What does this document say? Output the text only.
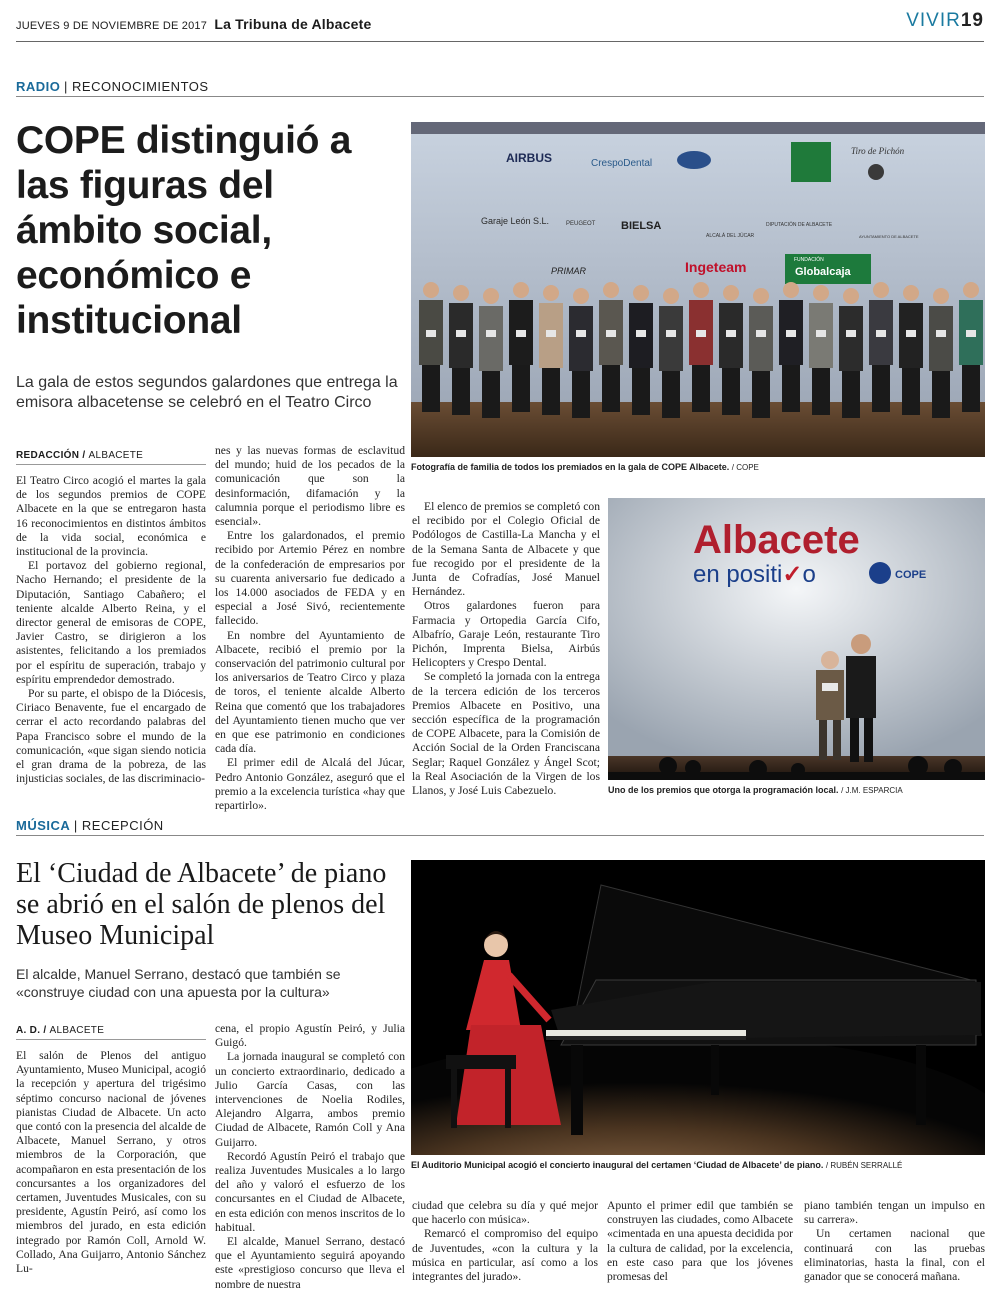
JUEVES 9 DE NOVIEMBRE DE 2017 La Tribuna de Albacete	VIVIR19
RADIO | RECONOCIMIENTOS
COPE distinguió a las figuras del ámbito social, económico e institucional
La gala de estos segundos galardones que entrega la emisora albacetense se celebró en el Teatro Circo
REDACCIÓN / ALBACETE

El Teatro Circo acogió el martes la gala de los segundos premios de COPE Albacete en la que se entregaron hasta 16 reconocimientos en distintos ámbitos de la vida social, económica e institucional de la provincia.

El portavoz del gobierno regional, Nacho Hernando; el presidente de la Diputación, Santiago Cabañero; el teniente alcalde Alberto Reina, y el director general de emisoras de COPE, Javier Castro, se dirigieron a los asistentes, felicitando a los premiados por el espíritu de superación, trabajo y espíritu emprendedor demostrado.

Por su parte, el obispo de la Diócesis, Ciriaco Benavente, fue el encargado de cerrar el acto recordando palabras del Papa Francisco sobre el mundo de la comunicación, «que sigan siendo noticia el gran drama de la pobreza, de las injusticias sociales, de las discriminacio-

nes y las nuevas formas de esclavitud del mundo; huid de los pecados de la comunicación que son la desinformación, difamación y la calumnia porque el periodismo libre es esencial».

Entre los galardonados, el premio recibido por Artemio Pérez en nombre de la confederación de empresarios por su cuarenta aniversario fue dedicado a los 14.000 asociados de FEDA y en especial a José Sivó, recientemente fallecido.

En nombre del Ayuntamiento de Albacete, recibió el premio por la conservación del patrimonio cultural por los aniversarios de Teatro Circo y plaza de toros, el teniente alcalde Alberto Reina que comentó que los trabajadores del Ayuntamiento tienen mucho que ver en que ese patrimonio en condiciones cada día.

El primer edil de Alcalá del Júcar, Pedro Antonio González, aseguró que el premio a la excelencia turística «hay que repartirlo».

El elenco de premios se completó con el recibido por el Colegio Oficial de Podólogos de Castilla-La Mancha y el de la Semana Santa de Albacete y que fue recogido por el presidente de la Junta de Cofradías, José Manuel Hernández.

Otros galardones fueron para Farmacia y Ortopedia García Cifo, Albafrío, Garaje León, restaurante Tiro Pichón, Imprenta Bielsa, Airbús Helicopters y Crespo Dental.

Se completó la jornada con la entrega de la tercera edición de los terceros Premios Albacete en Positivo, una sección específica de la programación de COPE Albacete, para la Comisión de Acción Social de la Orden Franciscana Seglar; Raquel González y Ángel Scot; la Real Asociación de la Virgen de los Llanos, y José Luis Cabezuelo.

AIRBUS	CrespoDental
Tiro de Pichón
Garaje León S.L.	PEUGEOT BIELSA	DIPUTACIÓN DE ALBACETE
ALCALÁ DEL JÚCAR	AYUNTAMIENTO DE ALBACETE
PRIMAR	Ingeteam	FUNDACIÓN
Globalcaja
Fotografía de familia de todos los premiados en la gala de COPE Albacete. / COPE
Albacete
en positi✓o	COPE
Uno de los premios que otorga la programación local. / J.M. ESPARCIA
MÚSICA | RECEPCIÓN
El ‘Ciudad de Albacete’ de piano se abrió en el salón de plenos del Museo Municipal
El alcalde, Manuel Serrano, destacó que también se «construye ciudad con una apuesta por la cultura»
A. D. / ALBACETE

El salón de Plenos del antiguo Ayuntamiento, Museo Municipal, acogió la recepción y apertura del trigésimo séptimo concurso nacional de jóvenes pianistas Ciudad de Albacete. Un acto que contó con la presencia del alcalde de Albacete, Manuel Serrano, y otros miembros de la Corporación, que acompañaron en esta presentación de los concursantes a los organizadores del certamen, Juventudes Musicales, con su presidente, Agustín Peiró, así como los miembros del jurado, en esta edición integrado por Ramón Coll, Arnold W. Collado, Ana Guijarro, Antonio Sánchez Lu-

cena, el propio Agustín Peiró, y Julia Guigó.

La jornada inaugural se completó con un concierto extraordinario, dedicado a Julio García Casas, con las intervenciones de Noelia Rodiles, Alejandro Algarra, ambos premio Ciudad de Albacete, Ramón Coll y Ana Guijarro.

Recordó Agustín Peiró el trabajo que realiza Juventudes Musicales a lo largo del año y valoró el esfuerzo de los concursantes en el Ciudad de Albacete, en esta edición con menos inscritos de lo habitual.

El alcalde, Manuel Serrano, destacó que el Ayuntamiento seguirá apoyando este «prestigioso concurso que lleva el nombre de nuestra

ciudad que celebra su día y qué mejor que hacerlo con música».

Remarcó el compromiso del equipo de Juventudes, «con la cultura y la música en particular, así como a los integrantes del jurado».

Apunto el primer edil que también se construyen las ciudades, como Albacete «cimentada en una apuesta decidida por la cultura de calidad, por la excelencia, en este caso para que los jóvenes promesas del

piano también tengan un impulso en su carrera».

Un certamen nacional que continuará con las pruebas eliminatorias, hasta la final, con el ganador que se conocerá mañana.

El Auditorio Municipal acogió el concierto inaugural del certamen ‘Ciudad de Albacete’ de piano. / RUBÉN SERRALLÉ
